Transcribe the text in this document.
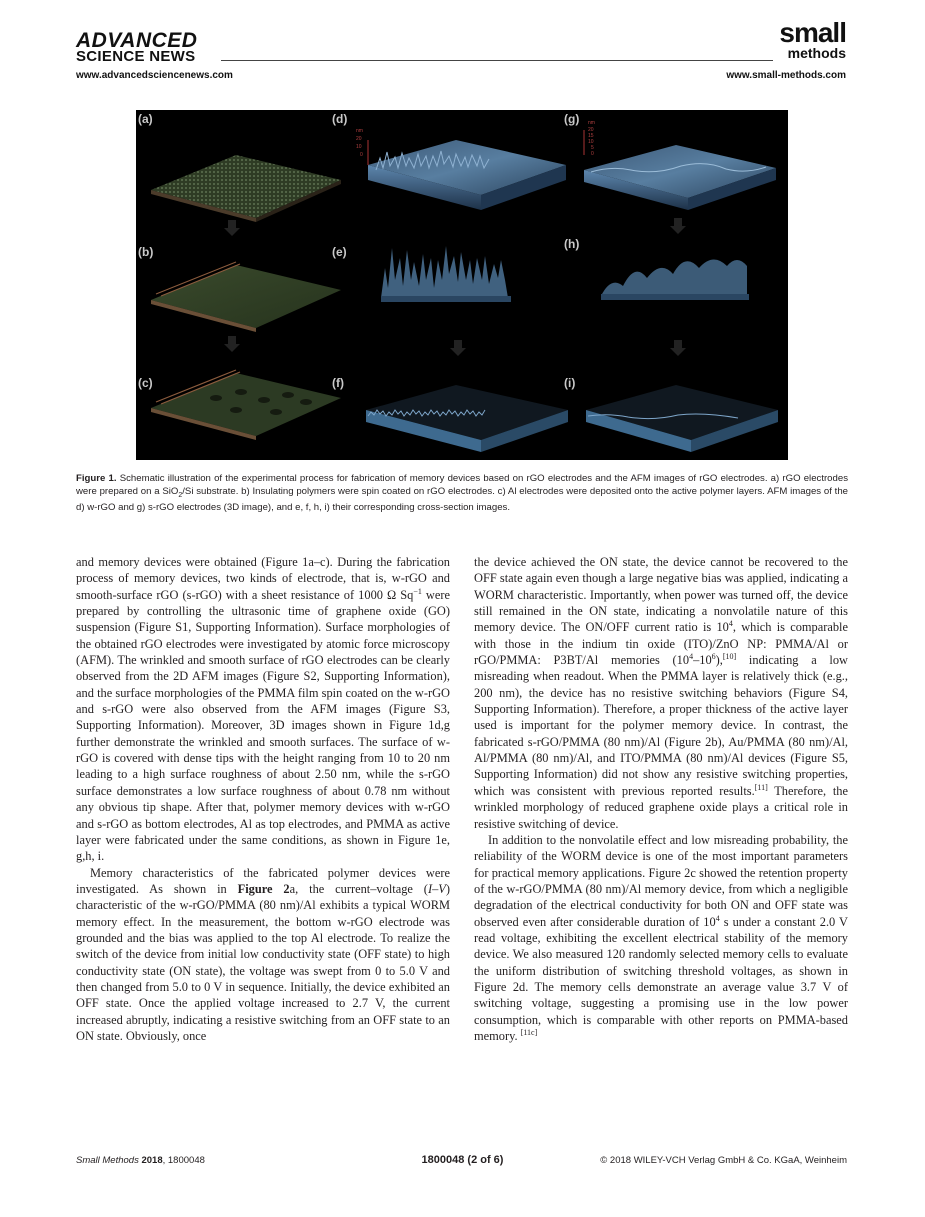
ADVANCED
SCIENCE NEWS
www.advancedsciencenews.com
small
methods
www.small-methods.com
nm
20
10
0
nm
20
15
10
5
0
(a)
(b)
(c)
(d)
(e)
(f)
(g)
(h)
(i)
Figure 1. Schematic illustration of the experimental process for fabrication of memory devices based on rGO electrodes and the AFM images of rGO electrodes. a) rGO electrodes were prepared on a SiO$_2$/Si substrate. b) Insulating polymers were spin coated on rGO electrodes. c) Al electrodes were deposited onto the active polymer layers. AFM images of the d) w-rGO and g) s-rGO electrodes (3D image), and e, f, h, i) their corresponding cross-section images.

and memory devices were obtained (Figure 1a–c). During the fabrication process of memory devices, two kinds of electrode, that is, w-rGO and smooth-surface rGO (s-rGO) with a sheet resistance of 1000 Ω $Sq^{-1}$ were prepared by controlling the ultrasonic time of graphene oxide (GO) suspension (Figure S1, Supporting Information). Surface morphologies of the obtained rGO electrodes were investigated by atomic force microscopy (AFM). The wrinkled and smooth surface of rGO electrodes can be clearly observed from the 2D AFM images (Figure S2, Supporting Information), and the surface morphologies of the PMMA film spin coated on the w-rGO and s-rGO were also observed from the AFM images (Figure S3, Supporting Information). Moreover, 3D images shown in Figure 1d,g further demonstrate the wrinkled and smooth surfaces. The surface of w-rGO is covered with dense tips with the height ranging from 10 to 20 nm leading to a high surface roughness of about 2.50 nm, while the s-rGO surface demonstrates a low surface roughness of about 0.78 nm without any obvious tip shape. After that, polymer memory devices with w-rGO and s-rGO as bottom electrodes, Al as top electrodes, and PMMA as active layer were fabricated under the same conditions, as shown in Figure 1e, g,h, i.

Memory characteristics of the fabricated polymer devices were investigated. As shown in Figure 2a, the current–voltage (I–V) characteristic of the w-rGO/PMMA (80 nm)/Al exhibits a typical WORM memory effect. In the measurement, the bottom w-rGO electrode was grounded and the bias was applied to the top Al electrode. To realize the switch of the device from initial low conductivity state (OFF state) to high conductivity state (ON state), the voltage was swept from 0 to 5.0 V and then changed from 5.0 to 0 V in sequence. Initially, the device exhibited an OFF state. Once the applied voltage increased to 2.7 V, the current increased abruptly, indicating a resistive switching from an OFF state to an ON state. Obviously, once

the device achieved the ON state, the device cannot be recovered to the OFF state again even though a large negative bias was applied, indicating a WORM characteristic. Importantly, when power was turned off, the device still remained in the ON state, indicating a nonvolatile nature of this memory device. The ON/OFF current ratio is $10^4$, which is comparable with those in the indium tin oxide (ITO)/ZnO NP: PMMA/Al or rGO/PMMA: P3BT/Al memories $(10^4-10^6),[10]$ indicating a low misreading when readout. When the PMMA layer is relatively thick (e.g., 200 nm), the device has no resistive switching behaviors (Figure S4, Supporting Information). Therefore, a proper thickness of the active layer used is important for the polymer memory device. In contrast, the fabricated s-rGO/PMMA (80 nm)/Al (Figure 2b), Au/PMMA (80 nm)/Al, Al/PMMA (80 nm)/Al, and ITO/PMMA (80 nm)/Al devices (Figure S5, Supporting Information) did not show any resistive switching properties, which was consistent with previous reported results.[11] Therefore, the wrinkled morphology of reduced graphene oxide plays a critical role in resistive switching of device.

In addition to the nonvolatile effect and low misreading probability, the reliability of the WORM device is one of the most important parameters for practical memory applications. Figure 2c showed the retention property of the w-rGO/PMMA (80 nm)/Al memory device, from which a negligible degradation of the electrical conductivity for both ON and OFF state was observed even after considerable duration of $10^4$ s under a constant 2.0 V read voltage, exhibiting the excellent electrical stability of the memory device. We also measured 120 randomly selected memory cells to evaluate the uniform distribution of switching threshold voltages, as shown in Figure 2d. The memory cells demonstrate an average value 3.7 V of switching voltage, suggesting a promising use in the low power consumption, which is comparable with other reports on PMMA-based memory. [11c]

Small Methods 2018, 1800048	1800048 (2 of 6)	© 2018 WILEY-VCH Verlag GmbH & Co. KGaA, Weinheim
